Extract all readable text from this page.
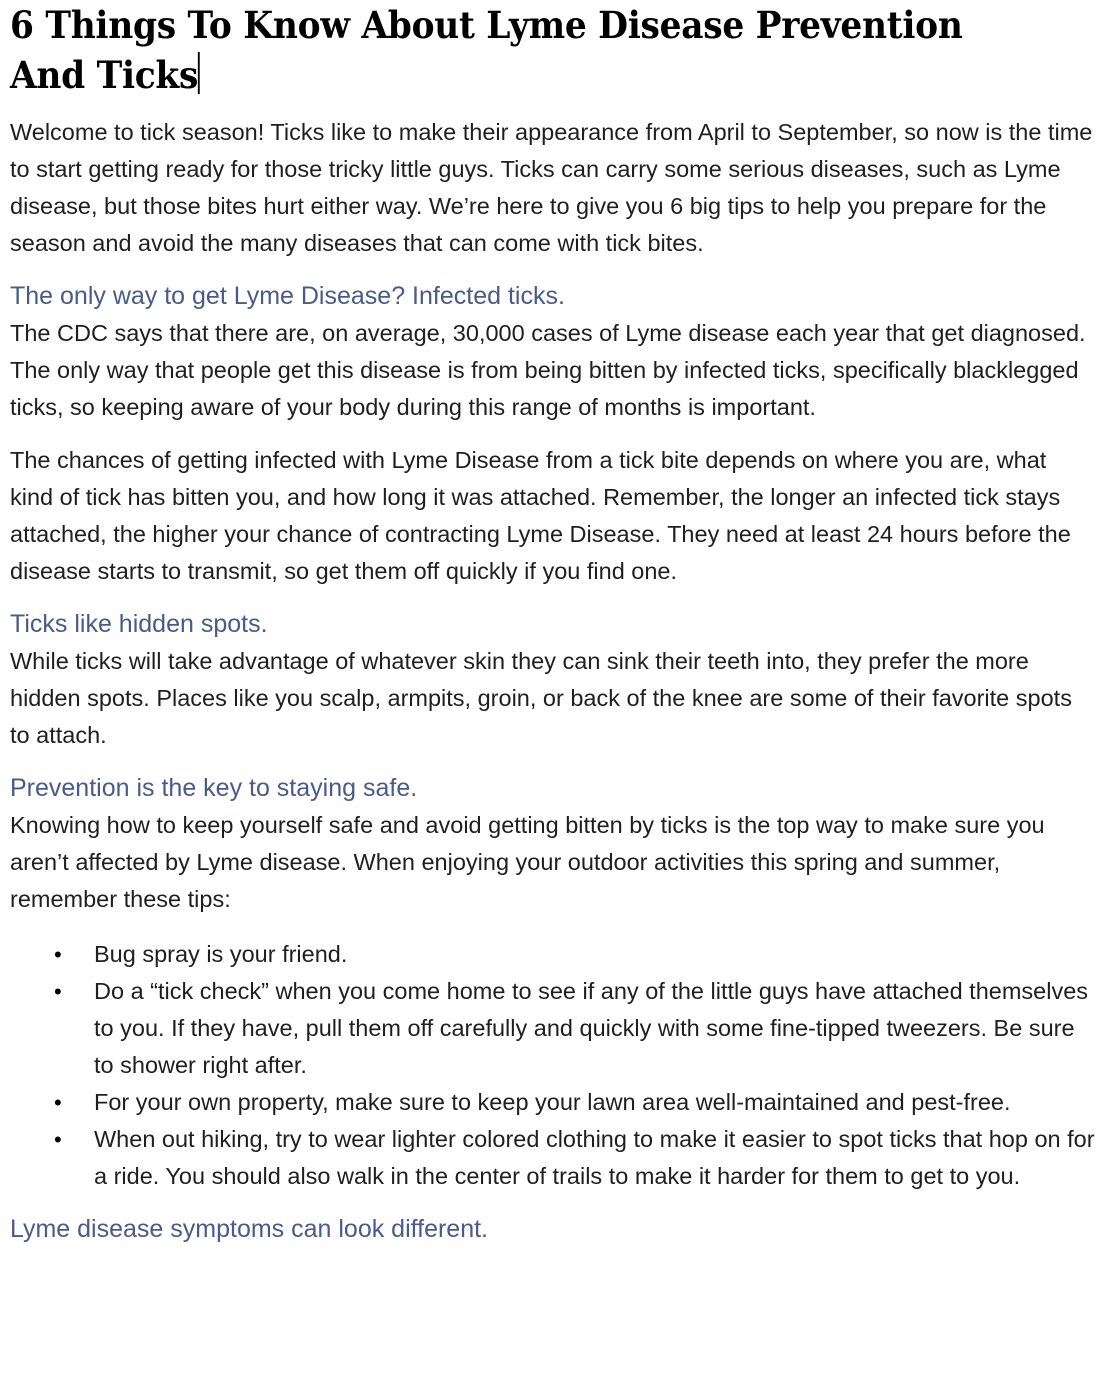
6 Things To Know About Lyme Disease Prevention And Ticks

Welcome to tick season! Ticks like to make their appearance from April to September, so now is the time to start getting ready for those tricky little guys. Ticks can carry some serious diseases, such as Lyme disease, but those bites hurt either way. We’re here to give you 6 big tips to help you prepare for the season and avoid the many diseases that can come with tick bites.

The only way to get Lyme Disease? Infected ticks.

The CDC says that there are, on average, 30,000 cases of Lyme disease each year that get diagnosed. The only way that people get this disease is from being bitten by infected ticks, specifically blacklegged ticks, so keeping aware of your body during this range of months is important.

The chances of getting infected with Lyme Disease from a tick bite depends on where you are, what kind of tick has bitten you, and how long it was attached. Remember, the longer an infected tick stays attached, the higher your chance of contracting Lyme Disease. They need at least 24 hours before the disease starts to transmit, so get them off quickly if you find one.

Ticks like hidden spots.

While ticks will take advantage of whatever skin they can sink their teeth into, they prefer the more hidden spots. Places like you scalp, armpits, groin, or back of the knee are some of their favorite spots to attach.

Prevention is the key to staying safe.

Knowing how to keep yourself safe and avoid getting bitten by ticks is the top way to make sure you aren’t affected by Lyme disease. When enjoying your outdoor activities this spring and summer, remember these tips:

• Bug spray is your friend.
• Do a “tick check” when you come home to see if any of the little guys have attached themselves to you. If they have, pull them off carefully and quickly with some fine-tipped tweezers. Be sure to shower right after.
• For your own property, make sure to keep your lawn area well-maintained and pest-free.
• When out hiking, try to wear lighter colored clothing to make it easier to spot ticks that hop on for a ride. You should also walk in the center of trails to make it harder for them to get to you.
Lyme disease symptoms can look different.
